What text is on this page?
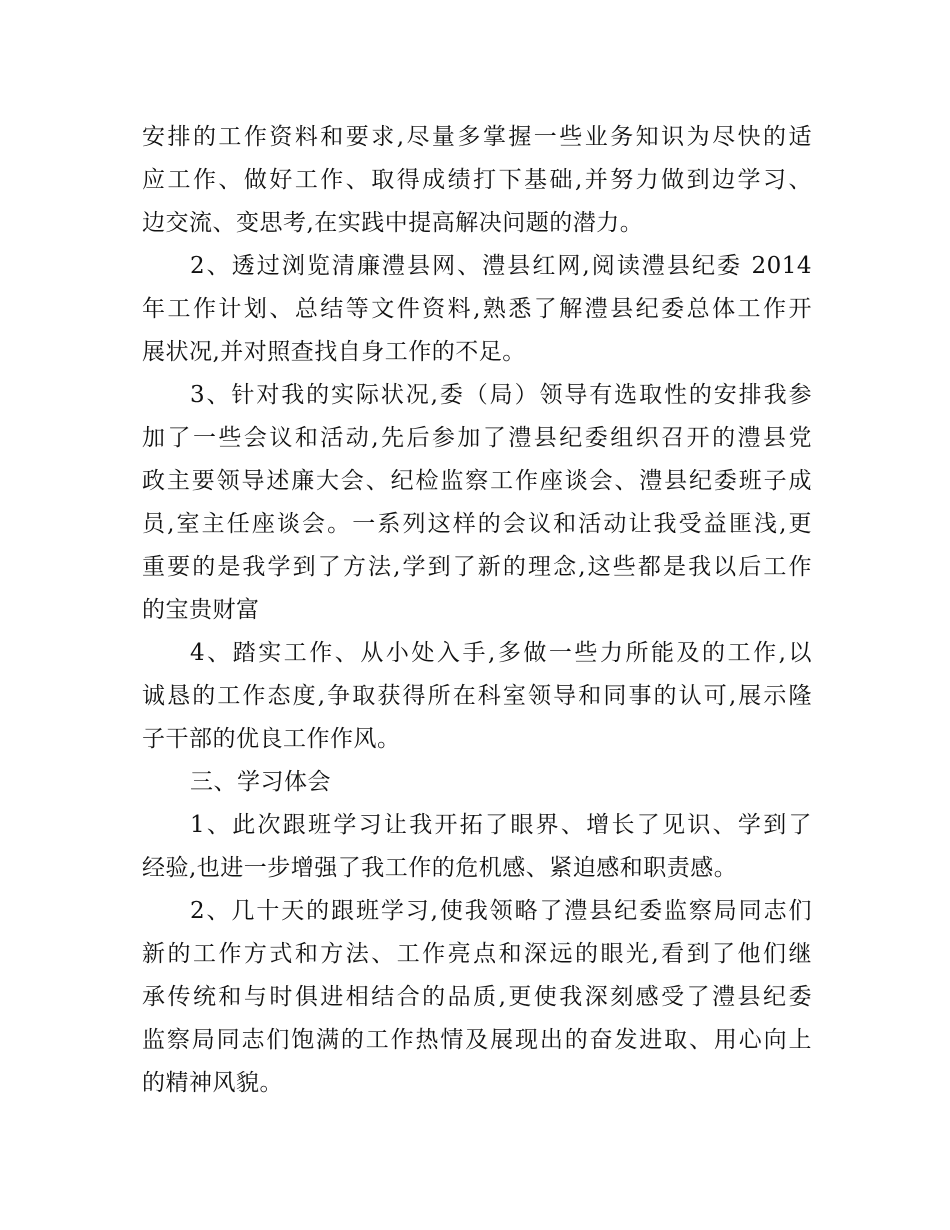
安排的工作资料和要求,尽量多掌握一些业务知识为尽快的适
应工作、做好工作、取得成绩打下基础,并努力做到边学习、
边交流、变思考,在实践中提高解决问题的潜力。
2、透过浏览清廉澧县网、澧县红网,阅读澧县纪委 2014
年工作计划、总结等文件资料,熟悉了解澧县纪委总体工作开
展状况,并对照查找自身工作的不足。
3、针对我的实际状况,委（局）领导有选取性的安排我参
加了一些会议和活动,先后参加了澧县纪委组织召开的澧县党
政主要领导述廉大会、纪检监察工作座谈会、澧县纪委班子成
员,室主任座谈会。一系列这样的会议和活动让我受益匪浅,更
重要的是我学到了方法,学到了新的理念,这些都是我以后工作
的宝贵财富
4、踏实工作、从小处入手,多做一些力所能及的工作,以
诚恳的工作态度,争取获得所在科室领导和同事的认可,展示隆
子干部的优良工作作风。
三、学习体会
1、此次跟班学习让我开拓了眼界、增长了见识、学到了
经验,也进一步增强了我工作的危机感、紧迫感和职责感。
2、几十天的跟班学习,使我领略了澧县纪委监察局同志们
新的工作方式和方法、工作亮点和深远的眼光,看到了他们继
承传统和与时俱进相结合的品质,更使我深刻感受了澧县纪委
监察局同志们饱满的工作热情及展现出的奋发进取、用心向上
的精神风貌。
